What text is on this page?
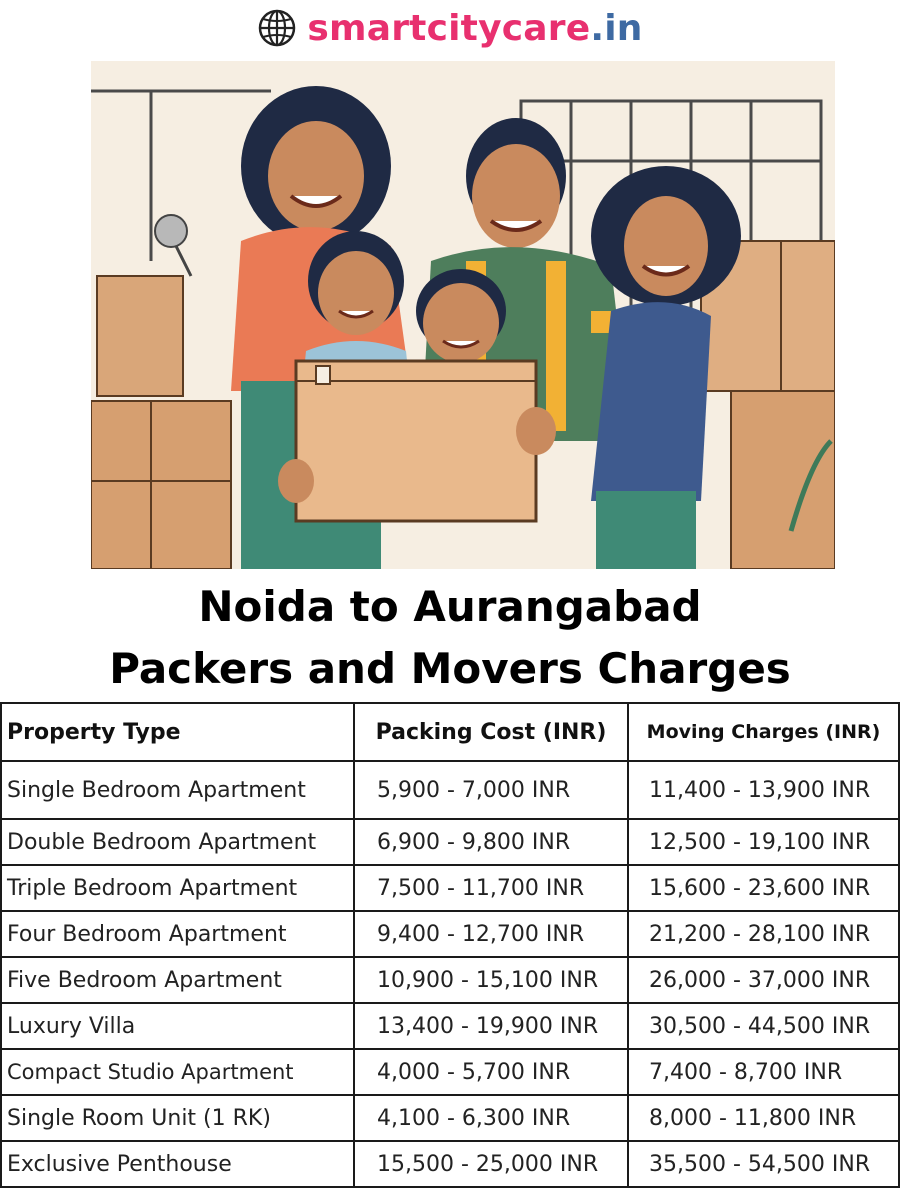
smartcitycare.in
Noida to Aurangabad
Packers and Movers Charges
Property Type	Packing Cost (INR)	Moving Charges (INR)
Single Bedroom Apartment	5,900 - 7,000 INR	11,400 - 13,900 INR
Double Bedroom Apartment	6,900 - 9,800 INR	12,500 - 19,100 INR
Triple Bedroom Apartment	7,500 - 11,700 INR	15,600 - 23,600 INR
Four Bedroom Apartment	9,400 - 12,700 INR	21,200 - 28,100 INR
Five Bedroom Apartment	10,900 - 15,100 INR	26,000 - 37,000 INR
Luxury Villa	13,400 - 19,900 INR	30,500 - 44,500 INR
Compact Studio Apartment	4,000 - 5,700 INR	7,400 - 8,700 INR
Single Room Unit (1 RK)	4,100 - 6,300 INR	8,000 - 11,800 INR
Exclusive Penthouse	15,500 - 25,000 INR	35,500 - 54,500 INR
